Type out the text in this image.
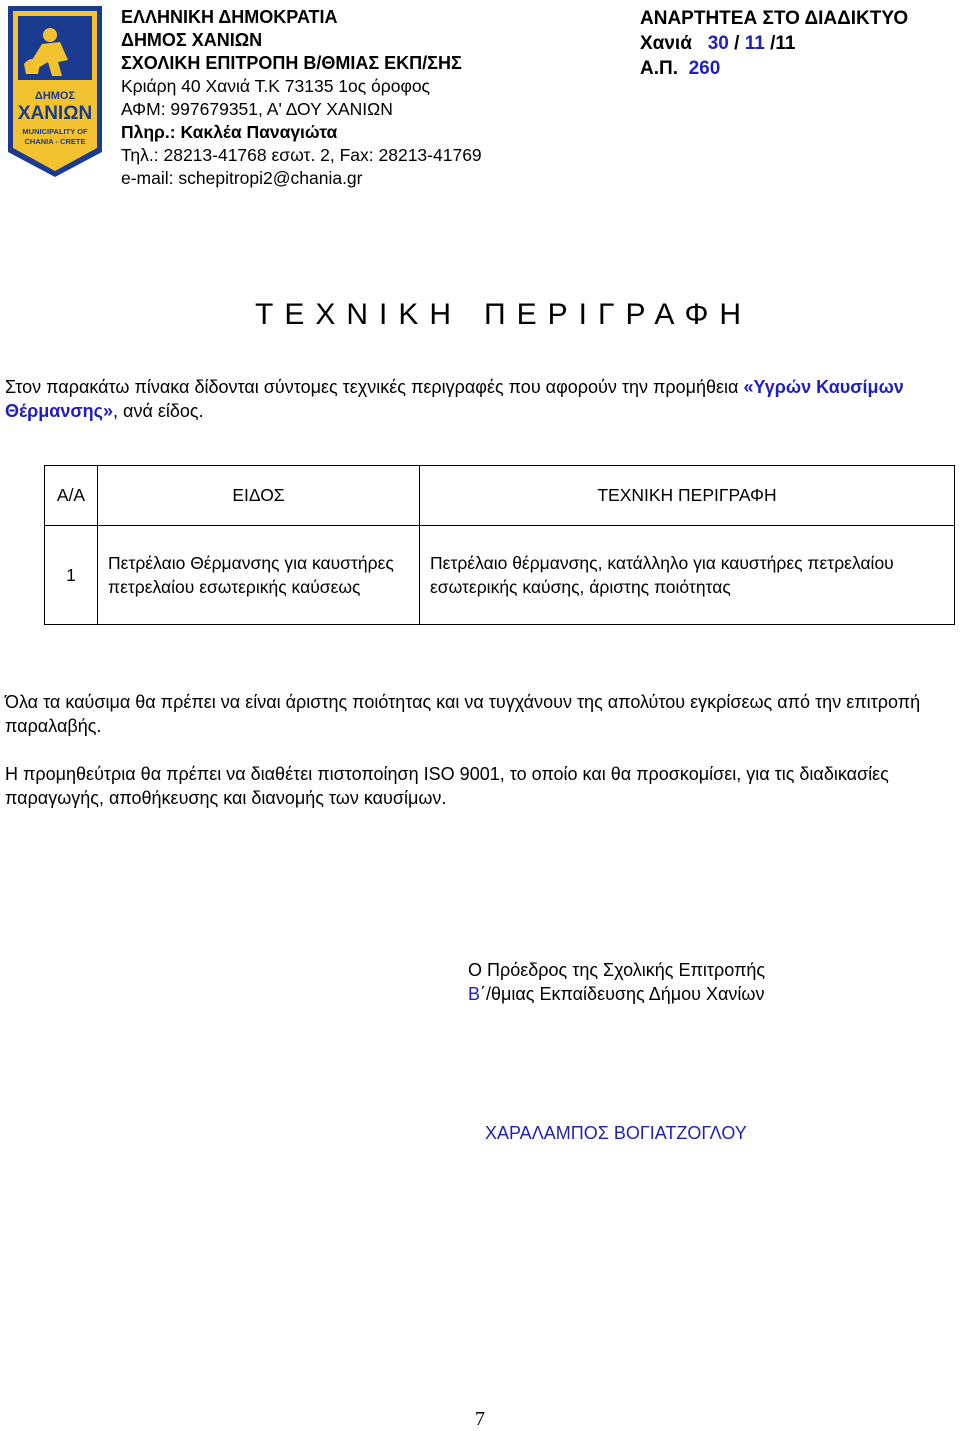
ΔΗΜΟΣ
ΧΑΝΙΩΝ
MUNICIPALITY OF
CHANIA - CRETE
ΕΛΛΗΝΙΚΗ ΔΗΜΟΚΡΑΤΙΑ
ΔΗΜΟΣ ΧΑΝΙΩΝ
ΣΧΟΛΙΚΗ ΕΠΙΤΡΟΠΗ Β/ΘΜΙΑΣ ΕΚΠ/ΣΗΣ
Κριάρη 40 Χανιά Τ.Κ 73135 1ος όροφος
ΑΦΜ: 997679351, Α' ΔΟΥ ΧΑΝΙΩΝ
Πληρ.: Κακλέα Παναγιώτα
Τηλ.: 28213-41768 εσωτ. 2, Fax: 28213-41769
e-mail: schepitropi2@chania.gr
ΑΝΑΡΤΗΤΕΑ ΣΤΟ ΔΙΑΔΙΚΤΥΟ
Χανιά 30 / 11 /11
Α.Π. 260
ΤΕΧΝΙΚΗ ΠΕΡΙΓΡΑΦΗ
Στον παρακάτω πίνακα δίδονται σύντομες τεχνικές περιγραφές που αφορούν την προμήθεια «Υγρών Καυσίμων Θέρμανσης», ανά είδος.
Α/Α	ΕΙΔΟΣ	ΤΕΧΝΙΚΗ ΠΕΡΙΓΡΑΦΗ
1	Πετρέλαιο Θέρμανσης για καυστήρες πετρελαίου εσωτερικής καύσεως	Πετρέλαιο θέρμανσης, κατάλληλο για καυστήρες πετρελαίου εσωτερικής καύσης, άριστης ποιότητας

Όλα τα καύσιμα θα πρέπει να είναι άριστης ποιότητας και να τυγχάνουν της απολύτου εγκρίσεως από την επιτροπή παραλαβής.

Η προμηθεύτρια θα πρέπει να διαθέτει πιστοποίηση ISO 9001, το οποίο και θα προσκομίσει, για τις διαδικασίες παραγωγής, αποθήκευσης και διανομής των καυσίμων.

Ο Πρόεδρος της Σχολικής Επιτροπής
Β΄/θμιας Εκπαίδευσης Δήμου Χανίων
ΧΑΡΑΛΑΜΠΟΣ ΒΟΓΙΑΤΖΟΓΛΟΥ
7
